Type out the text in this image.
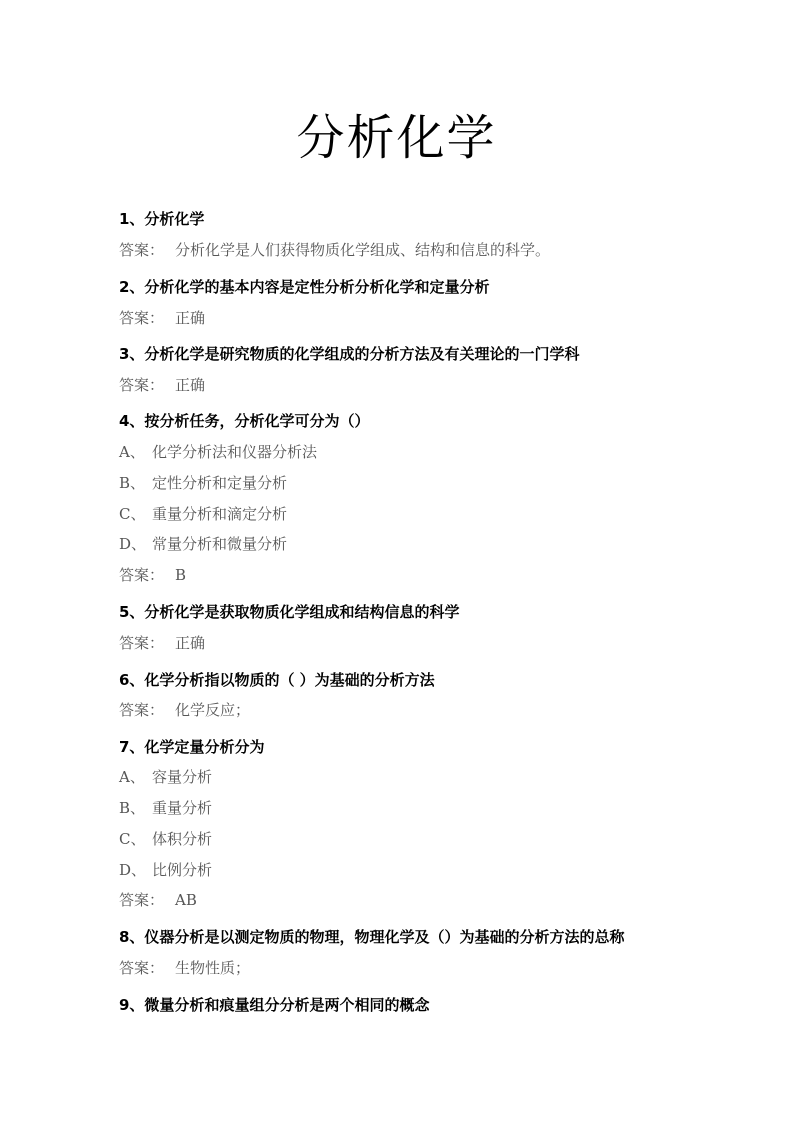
分析化学
1、分析化学
答案： 分析化学是人们获得物质化学组成、结构和信息的科学。
2、分析化学的基本内容是定性分析分析化学和定量分析
答案： 正确
3、分析化学是研究物质的化学组成的分析方法及有关理论的一门学科
答案： 正确
4、按分析任务，分析化学可分为（）
A、 化学分析法和仪器分析法
B、 定性分析和定量分析
C、 重量分析和滴定分析
D、 常量分析和微量分析
答案： B
5、分析化学是获取物质化学组成和结构信息的科学
答案： 正确
6、化学分析指以物质的（ ）为基础的分析方法
答案： 化学反应；
7、化学定量分析分为
A、 容量分析
B、 重量分析
C、 体积分析
D、 比例分析
答案： AB
8、仪器分析是以测定物质的物理，物理化学及（）为基础的分析方法的总称
答案： 生物性质；
9、微量分析和痕量组分分析是两个相同的概念
